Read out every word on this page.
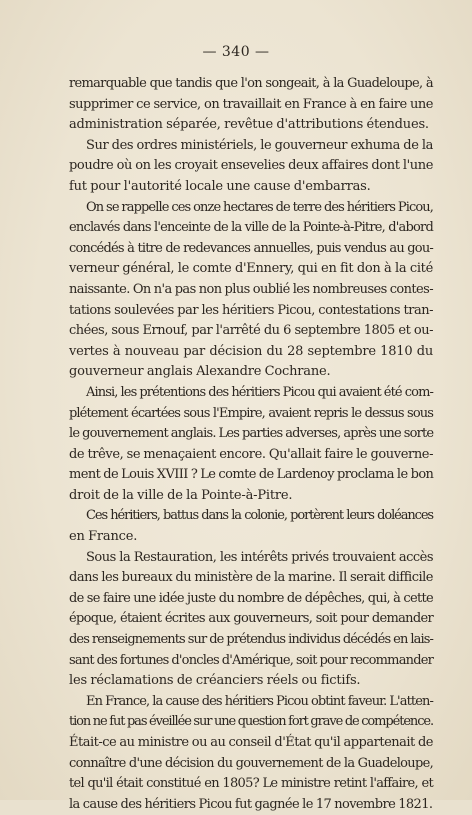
— 340 —
remarquable que tandis que l'on songeait, à la Guadeloupe, à
supprimer ce service, on travaillait en France à en faire une
administration séparée, revêtue d'attributions étendues.
Sur des ordres ministériels, le gouverneur exhuma de la
poudre où on les croyait ensevelies deux affaires dont l'une
fut pour l'autorité locale une cause d'embarras.
On se rappelle ces onze hectares de terre des héritiers Picou,
enclavés dans l'enceinte de la ville de la Pointe-à-Pitre, d'abord
concédés à titre de redevances annuelles, puis vendus au gou-
verneur général, le comte d'Ennery, qui en fit don à la cité
naissante. On n'a pas non plus oublié les nombreuses contes-
tations soulevées par les héritiers Picou, contestations tran-
chées, sous Ernouf, par l'arrêté du 6 septembre 1805 et ou-
vertes à nouveau par décision du 28 septembre 1810 du
gouverneur anglais Alexandre Cochrane.
Ainsi, les prétentions des héritiers Picou qui avaient été com-
plétement écartées sous l'Empire, avaient repris le dessus sous
le gouvernement anglais. Les parties adverses, après une sorte
de trêve, se menaçaient encore. Qu'allait faire le gouverne-
ment de Louis XVIII ? Le comte de Lardenoy proclama le bon
droit de la ville de la Pointe-à-Pitre.
Ces héritiers, battus dans la colonie, portèrent leurs doléances
en France.
Sous la Restauration, les intérêts privés trouvaient accès
dans les bureaux du ministère de la marine. Il serait difficile
de se faire une idée juste du nombre de dépêches, qui, à cette
époque, étaient écrites aux gouverneurs, soit pour demander
des renseignements sur de prétendus individus décédés en lais-
sant des fortunes d'oncles d'Amérique, soit pour recommander
les réclamations de créanciers réels ou fictifs.
En France, la cause des héritiers Picou obtint faveur. L'atten-
tion ne fut pas éveillée sur une question fort grave de compétence.
Était-ce au ministre ou au conseil d'État qu'il appartenait de
connaître d'une décision du gouvernement de la Guadeloupe,
tel qu'il était constitué en 1805? Le ministre retint l'affaire, et
la cause des héritiers Picou fut gagnée le 17 novembre 1821.
